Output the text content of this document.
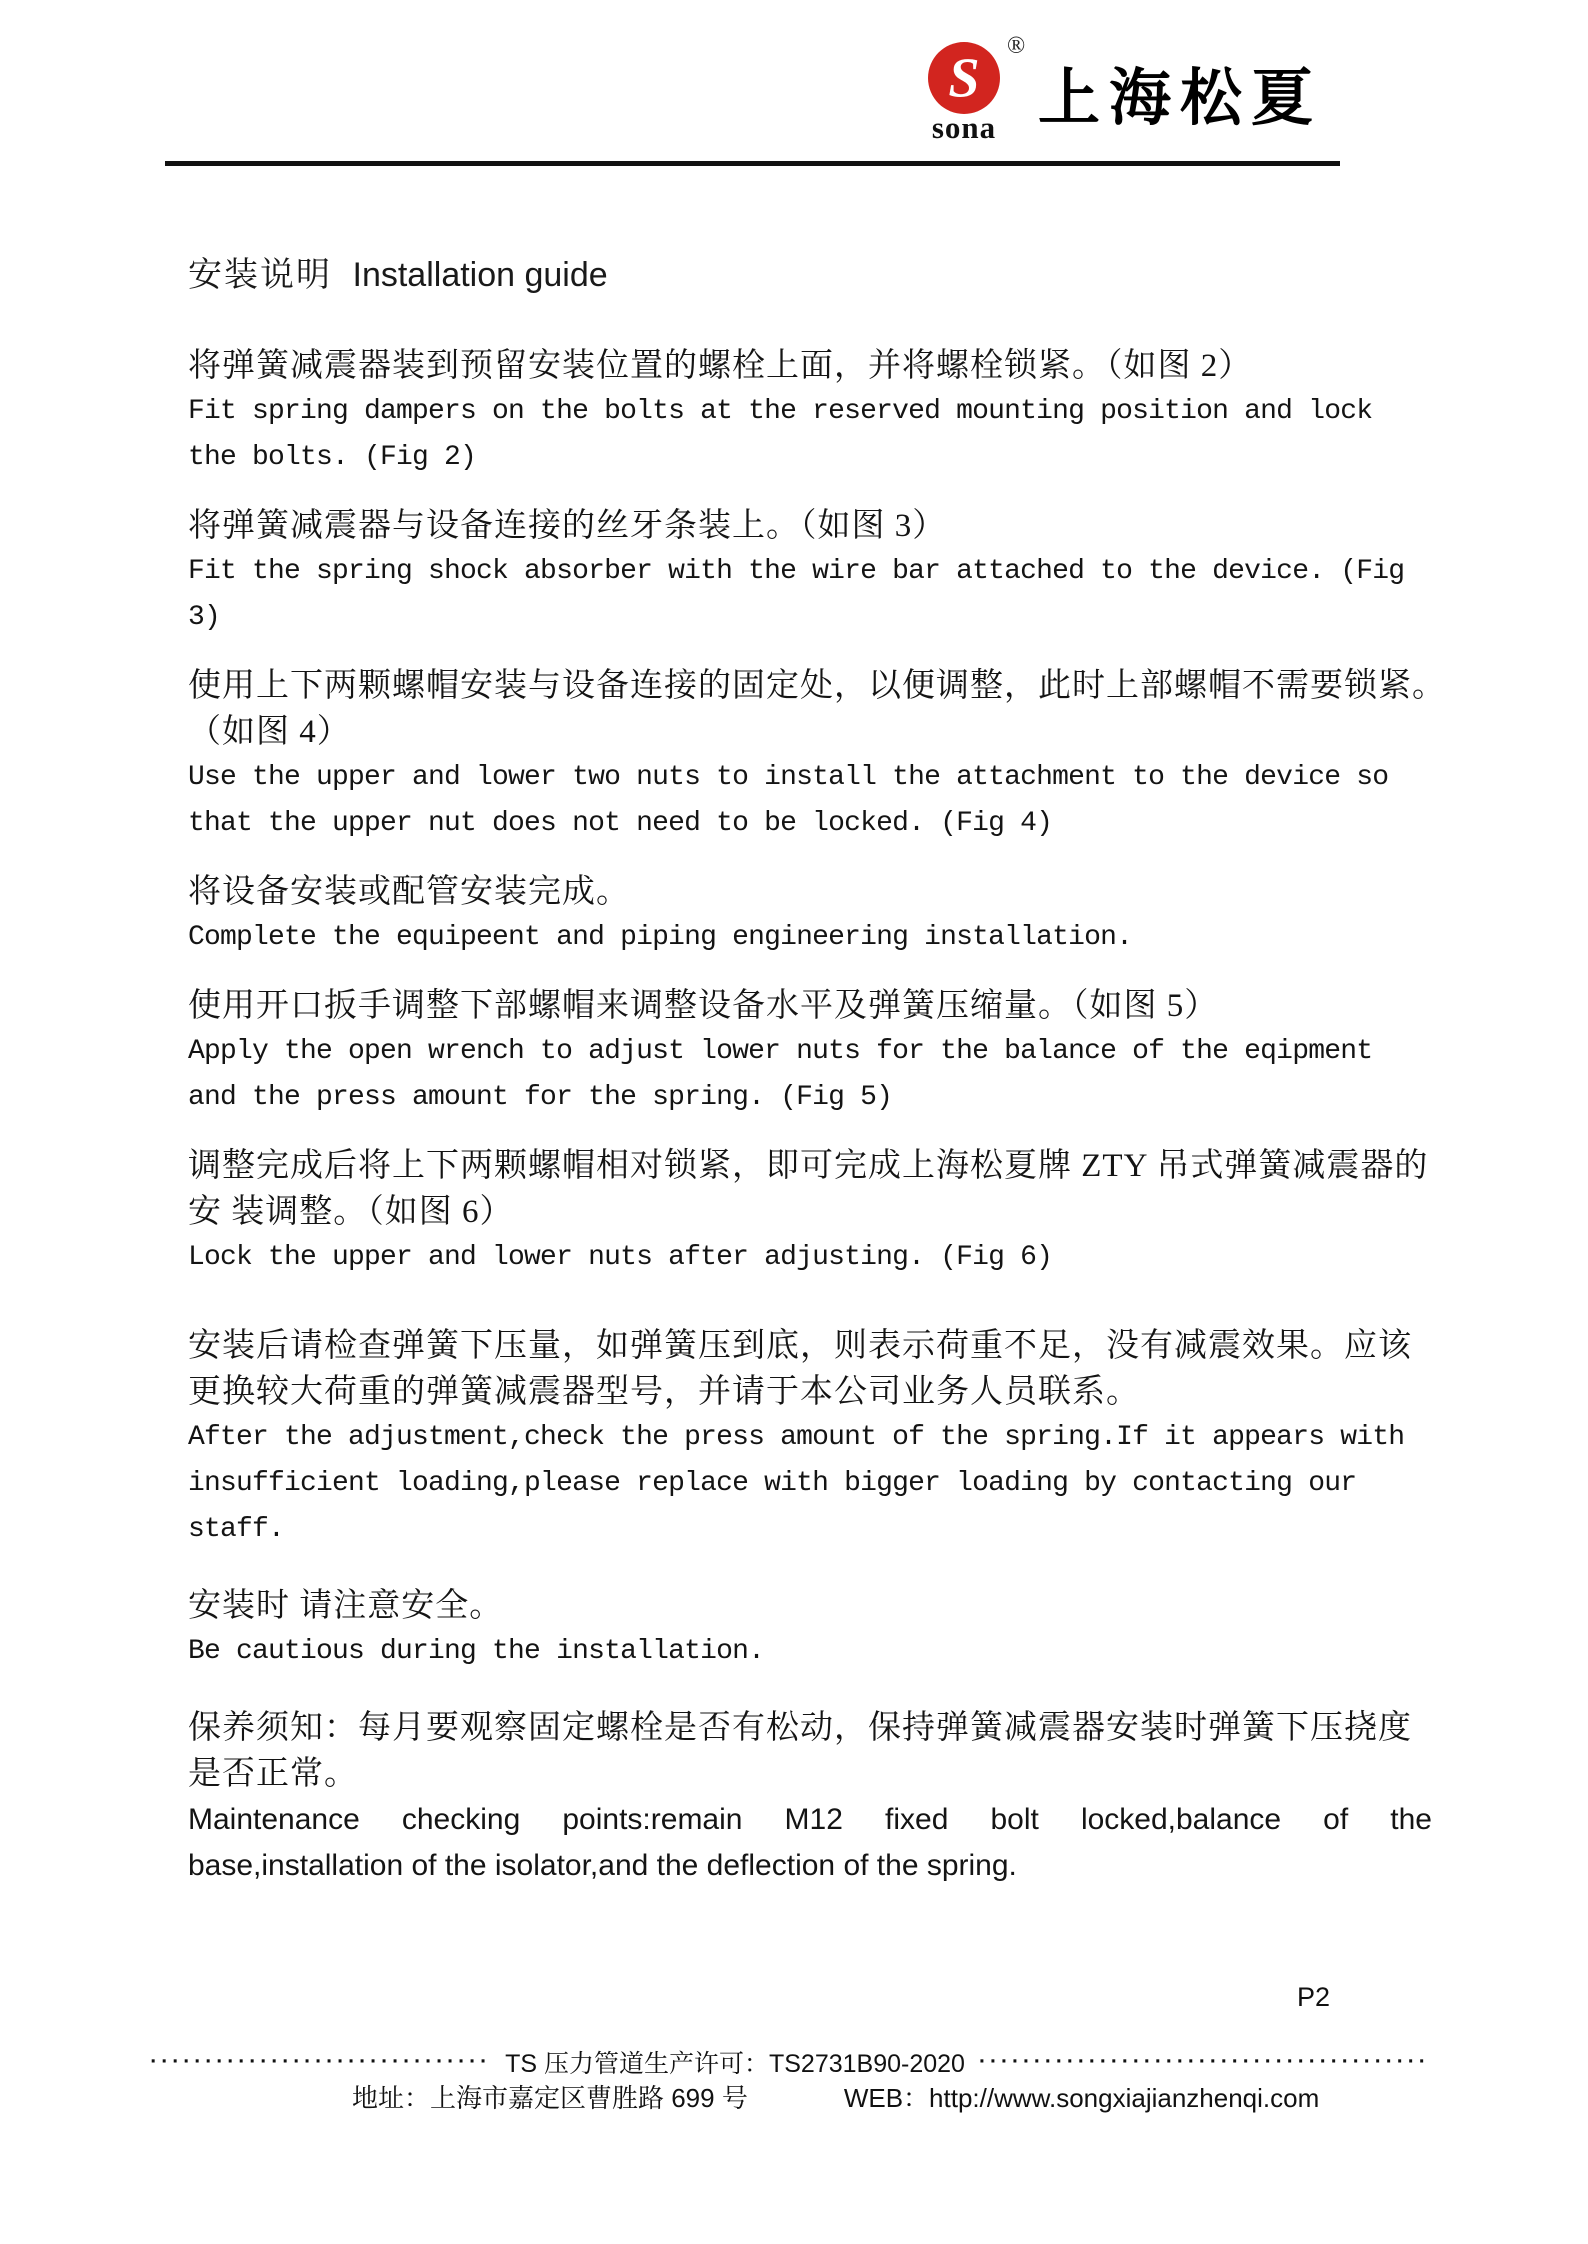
S
®
sona 上海松夏
安装说明 Installation guide
将弹簧减震器装到预留安装位置的螺栓上面，并将螺栓锁紧。（如图 2）
Fit spring dampers on the bolts at the reserved mounting position and lock
the bolts. (Fig 2)
将弹簧减震器与设备连接的丝牙条装上。（如图 3）
Fit the spring shock absorber with the wire bar attached to the device. (Fig
3)
使用上下两颗螺帽安装与设备连接的固定处，以便调整，此时上部螺帽不需要锁紧。
（如图 4）
Use the upper and lower two nuts to install the attachment to the device so
that the upper nut does not need to be locked. (Fig 4)
将设备安装或配管安装完成。
Complete the equipeent and piping engineering installation.
使用开口扳手调整下部螺帽来调整设备水平及弹簧压缩量。（如图 5）
Apply the open wrench to adjust lower nuts for the balance of the eqipment
and the press amount for the spring. (Fig 5)
调整完成后将上下两颗螺帽相对锁紧，即可完成上海松夏牌 ZTY 吊式弹簧减震器的
安 装调整。（如图 6）
Lock the upper and lower nuts after adjusting. (Fig 6)
安装后请检查弹簧下压量，如弹簧压到底，则表示荷重不足，没有减震效果。应该
更换较大荷重的弹簧减震器型号，并请于本公司业务人员联系。
After the adjustment,check the press amount of the spring.If it appears with
insufficient loading,please replace with bigger loading by contacting our
staff.
安装时 请注意安全。
Be cautious during the installation.
保养须知：每月要观察固定螺栓是否有松动，保持弹簧减震器安装时弹簧下压挠度
是否正常。
Maintenance checking points:remain M12 fixed bolt locked,balance of the
base,installation of the isolator,and the deflection of the spring.
P2
······························· TS 压力管道生产许可：TS2731B90-2020 ·········································
地址：上海市嘉定区曹胜路 699 号	WEB：http://www.songxiajianzhenqi.com
